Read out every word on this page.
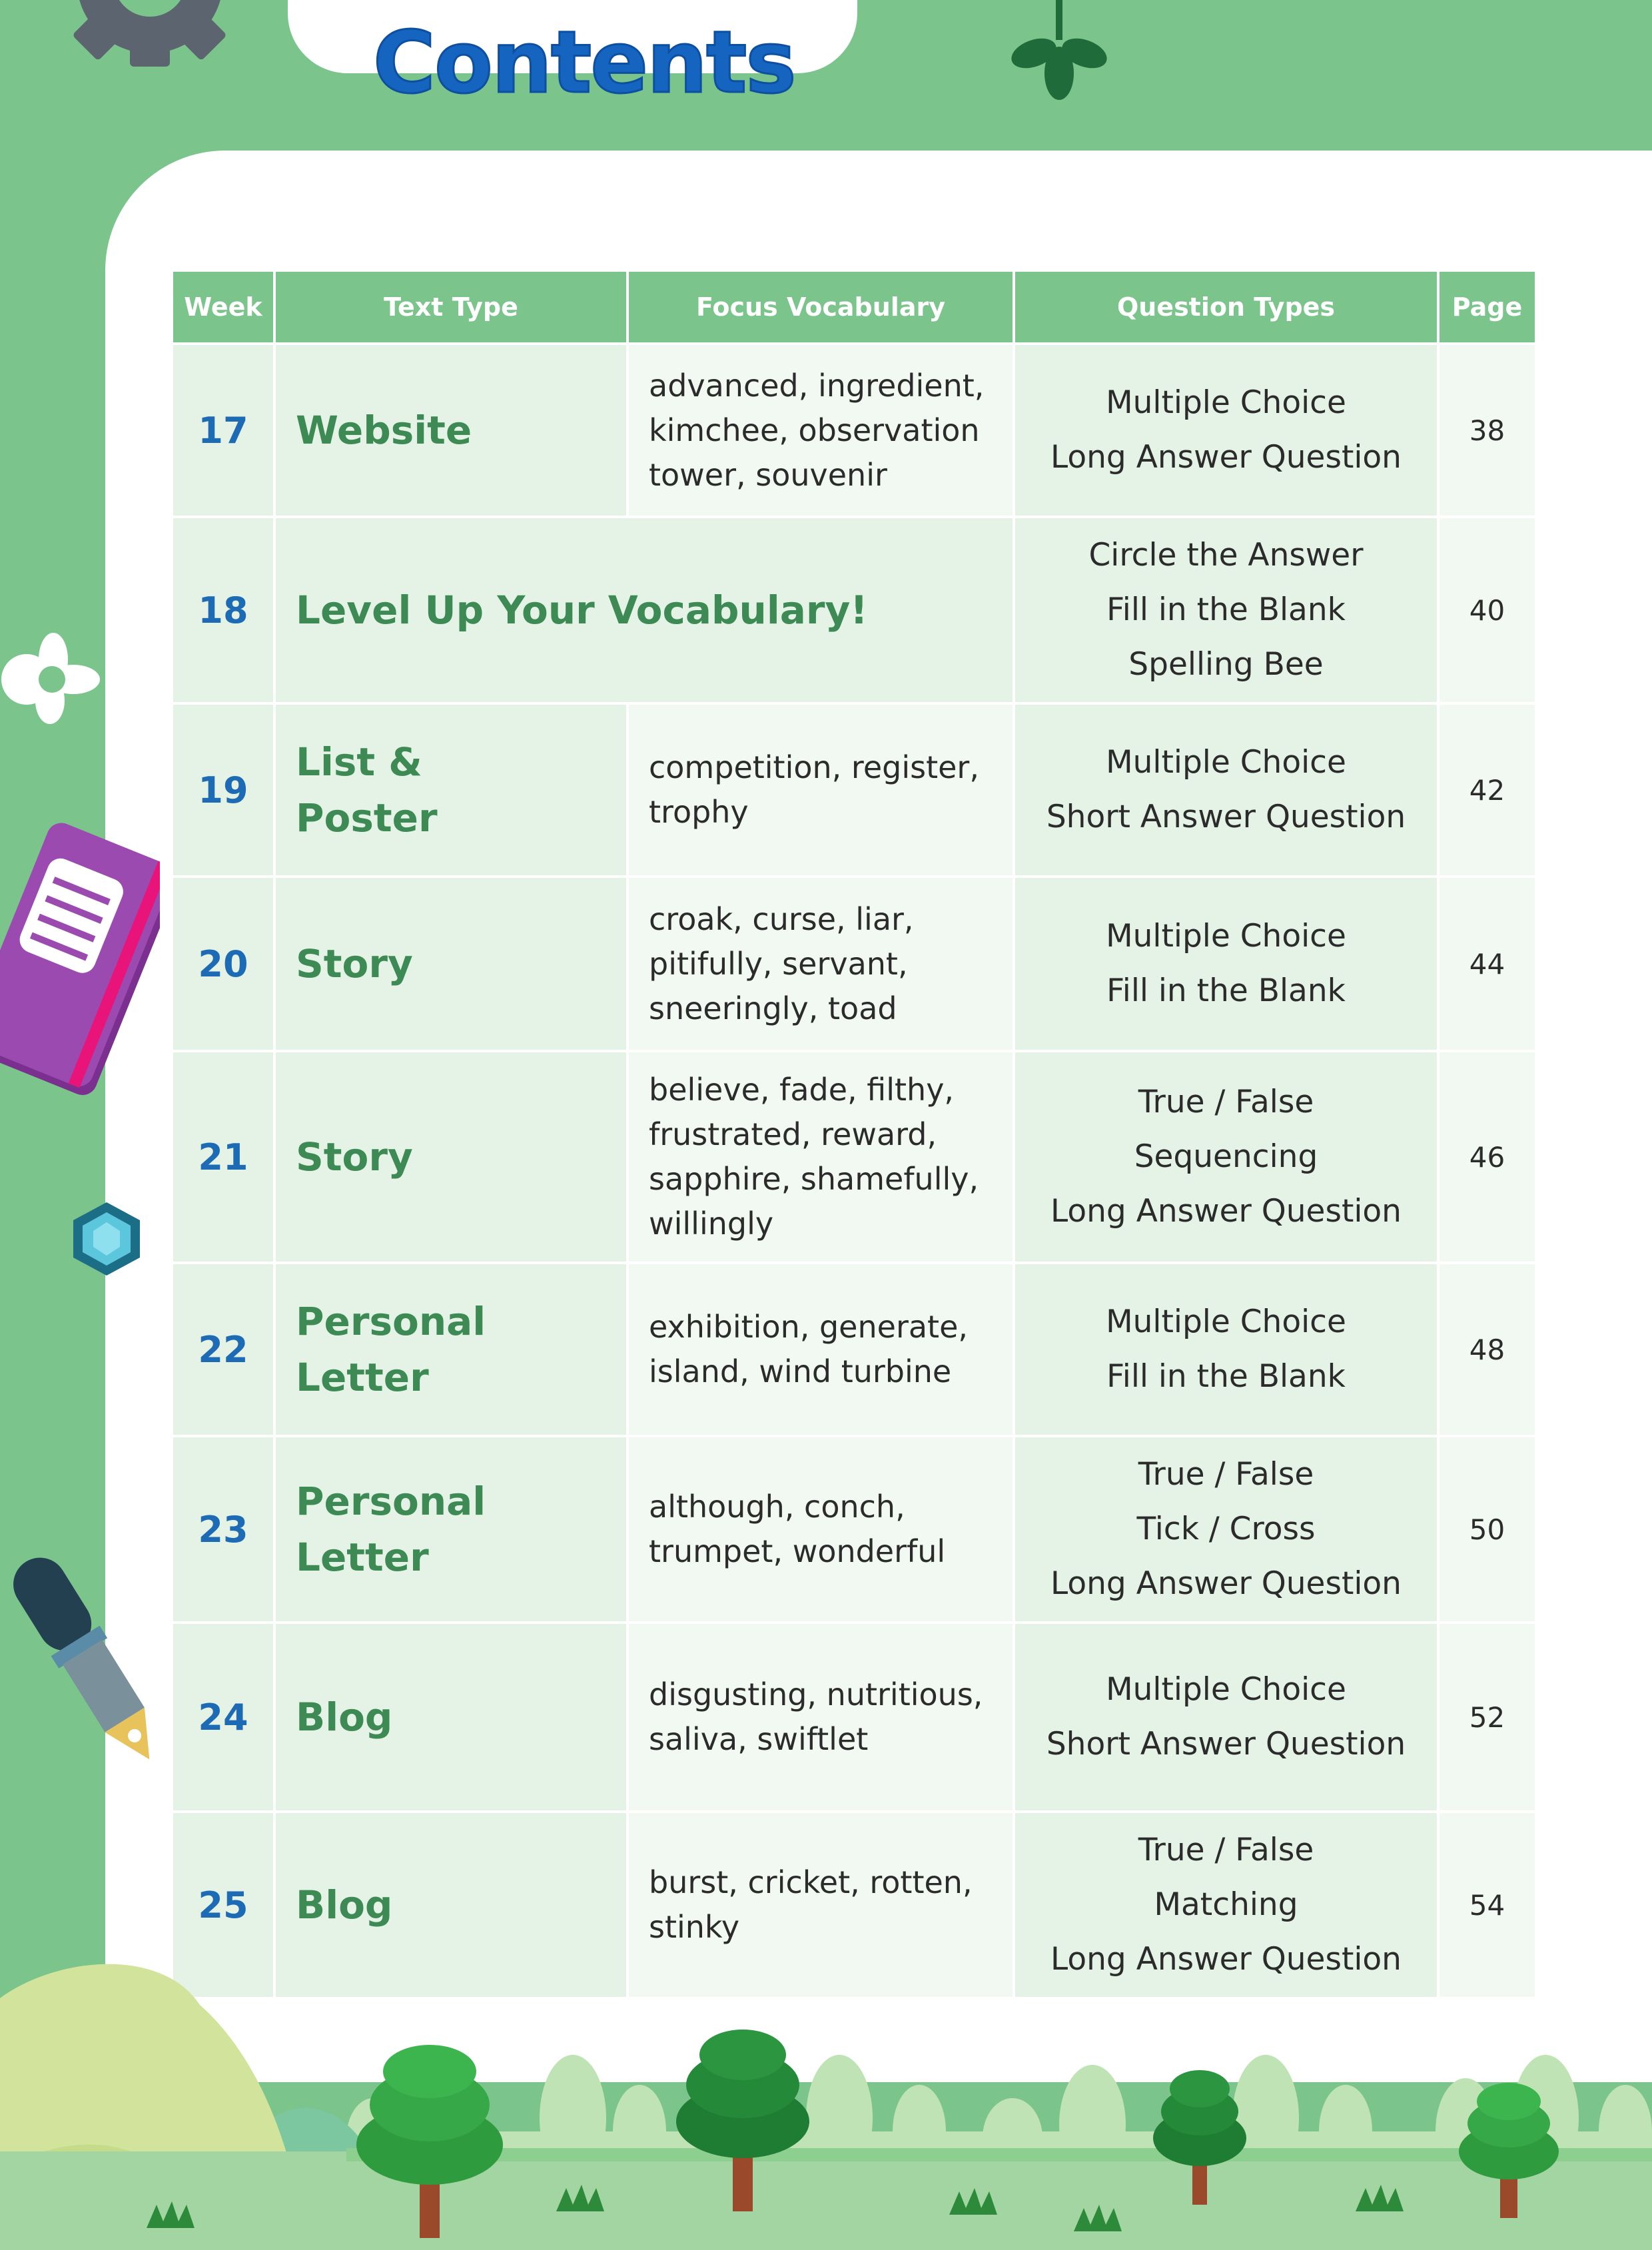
Contents
Week	Text Type	Focus Vocabulary	Question Types	Page
17	Website	advanced, ingredient,
kimchee, observation
tower, souvenir	Multiple Choice
Long Answer Question	38
18	Level Up Your Vocabulary!		Circle the Answer
Fill in the Blank
Spelling Bee	40
19	List &
Poster	competition, register,
trophy	Multiple Choice
Short Answer Question	42
20	Story	croak, curse, liar,
pitifully, servant,
sneeringly, toad	Multiple Choice
Fill in the Blank	44
21	Story	believe, fade, filthy,
frustrated, reward,
sapphire, shamefully,
willingly	True / False
Sequencing
Long Answer Question	46
22	Personal Letter	exhibition, generate,
island, wind turbine	Multiple Choice
Fill in the Blank	48
23	Personal Letter	although, conch,
trumpet, wonderful	True / False
Tick / Cross
Long Answer Question	50
24	Blog	disgusting, nutritious,
saliva, swiftlet	Multiple Choice
Short Answer Question	52
25	Blog	burst, cricket, rotten,
stinky	True / False
Matching
Long Answer Question	54
